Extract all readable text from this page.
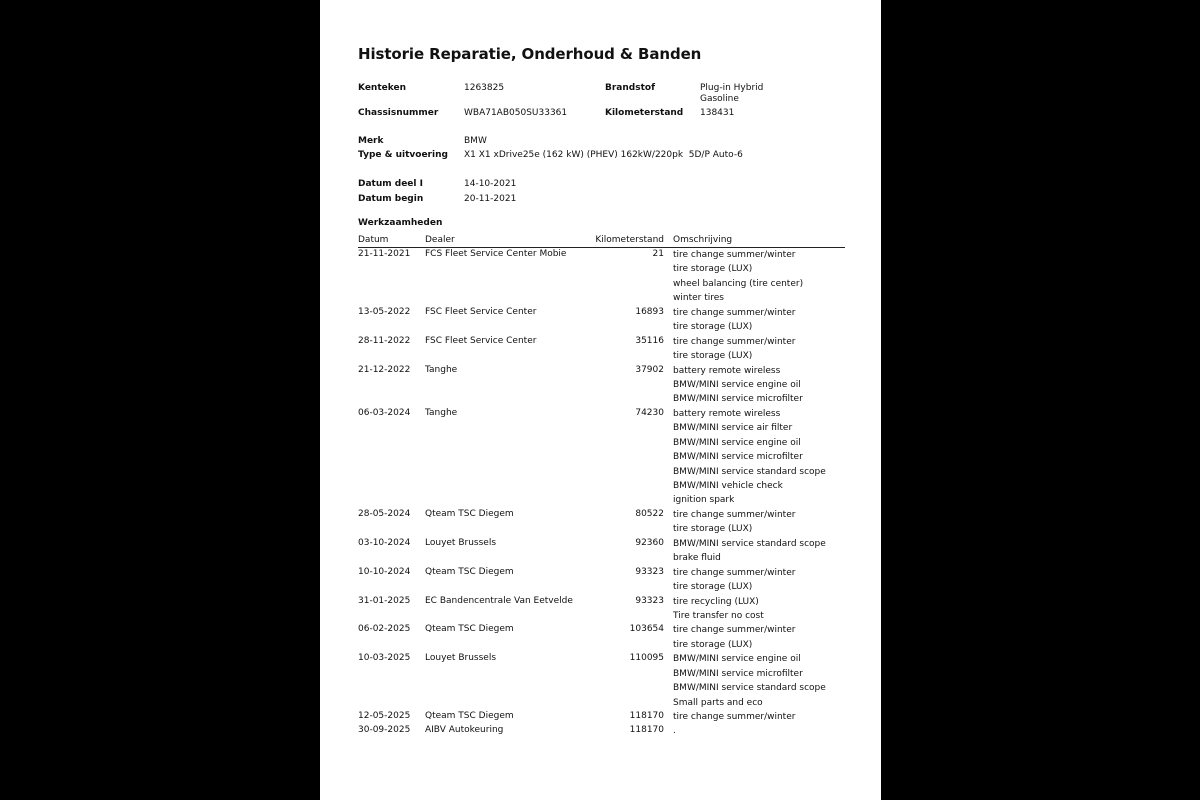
Historie Reparatie, Onderhoud & Banden
Kenteken	1263825	Brandstof	Plug-in Hybrid
Gasoline
Chassisnummer	WBA71AB050SU33361	Kilometerstand 138431
Merk	BMW
Type & uitvoering X1 X1 xDrive25e (162 kW) (PHEV) 162kW/220pk  5D/P Auto-6
Datum deel I	14-10-2021
Datum begin	20-11-2021
Werkzaamheden
Datum	Dealer	Kilometerstand Omschrijving
21-11-2021 FCS Fleet Service Center Mobie	21 tire change summer/winter
tire storage (LUX)
wheel balancing (tire center)
winter tires
13-05-2022 FSC Fleet Service Center	16893 tire change summer/winter
tire storage (LUX)
28-11-2022 FSC Fleet Service Center	35116 tire change summer/winter
tire storage (LUX)
21-12-2022 Tanghe	37902 battery remote wireless
BMW/MINI service engine oil
BMW/MINI service microfilter
06-03-2024 Tanghe	74230 battery remote wireless
BMW/MINI service air filter
BMW/MINI service engine oil
BMW/MINI service microfilter
BMW/MINI service standard scope
BMW/MINI vehicle check
ignition spark
28-05-2024 Qteam TSC Diegem	80522 tire change summer/winter
tire storage (LUX)
03-10-2024 Louyet Brussels	92360 BMW/MINI service standard scope
brake fluid
10-10-2024 Qteam TSC Diegem	93323 tire change summer/winter
tire storage (LUX)
31-01-2025 EC Bandencentrale Van Eetvelde	93323 tire recycling (LUX)
Tire transfer no cost
06-02-2025 Qteam TSC Diegem	103654 tire change summer/winter
tire storage (LUX)
10-03-2025 Louyet Brussels	110095 BMW/MINI service engine oil
BMW/MINI service microfilter
BMW/MINI service standard scope
Small parts and eco
12-05-2025 Qteam TSC Diegem	118170 tire change summer/winter
30-09-2025 AIBV Autokeuring	118170 .
